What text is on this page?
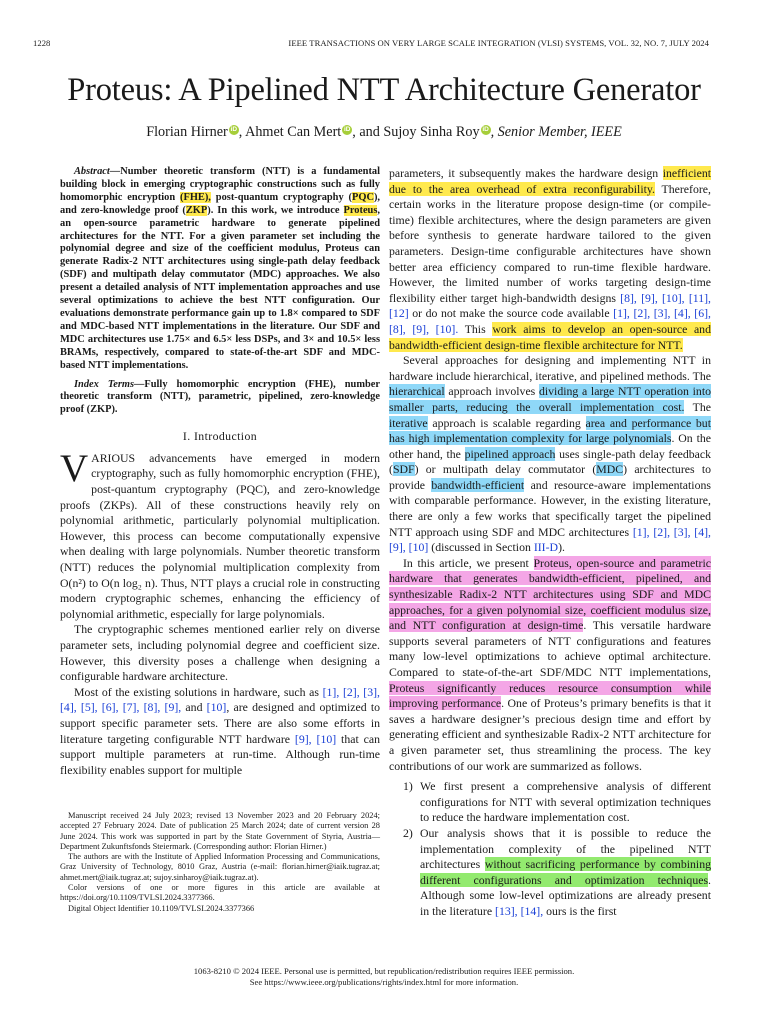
1228	IEEE TRANSACTIONS ON VERY LARGE SCALE INTEGRATION (VLSI) SYSTEMS, VOL. 32, NO. 7, JULY 2024
Proteus: A Pipelined NTT Architecture Generator
Florian Hirner iD , Ahmet Can Mert iD , and Sujoy Sinha Roy iD , Senior Member, IEEE

Abstract—Number theoretic transform (NTT) is a fundamental building block in emerging cryptographic constructions such as fully homomorphic encryption (FHE), post-quantum cryptography (PQC), and zero-knowledge proof (ZKP). In this work, we introduce Proteus, an open-source parametric hardware to generate pipelined architectures for the NTT. For a given parameter set including the polynomial degree and size of the coefficient modulus, Proteus can generate Radix-2 NTT architectures using single-path delay feedback (SDF) and multipath delay commutator (MDC) approaches. We also present a detailed analysis of NTT implementation approaches and use several optimizations to achieve the best NTT configuration. Our evaluations demonstrate performance gain up to 1.8× compared to SDF and MDC-based NTT implementations in the literature. Our SDF and MDC architectures use 1.75× and 6.5× less DSPs, and 3× and 10.5× less BRAMs, respectively, compared to state-of-the-art SDF and MDC-based NTT implementations.

Index Terms—Fully homomorphic encryption (FHE), number theoretic transform (NTT), parametric, pipelined, zero-knowledge proof (ZKP).

I. Introduction

VARIOUS advancements have emerged in modern cryptography, such as fully homomorphic encryption (FHE), post-quantum cryptography (PQC), and zero-knowledge proofs (ZKPs). All of these constructions heavily rely on polynomial arithmetic, particularly polynomial multiplication. However, this process can become computationally expensive when dealing with large polynomials. Number theoretic transform (NTT) reduces the polynomial multiplication complexity from O(n²) to O(n log₂ n). Thus, NTT plays a crucial role in constructing modern cryptographic schemes, enhancing the efficiency of polynomial arithmetic, especially for large polynomials.

The cryptographic schemes mentioned earlier rely on diverse parameter sets, including polynomial degree and coefficient size. However, this diversity poses a challenge when designing a configurable hardware architecture.

Most of the existing solutions in hardware, such as [1], [2], [3], [4], [5], [6], [7], [8], [9], and [10], are designed and optimized to support specific parameter sets. There are also some efforts in literature targeting configurable NTT hardware [9], [10] that can support multiple parameters at run-time. Although run-time flexibility enables support for multiple

Manuscript received 24 July 2023; revised 13 November 2023 and 20 February 2024; accepted 27 February 2024. Date of publication 25 March 2024; date of current version 28 June 2024. This work was supported in part by the State Government of Styria, Austria—Department Zukunftsfonds Steiermark. (Corresponding author: Florian Hirner.)

The authors are with the Institute of Applied Information Processing and Communications, Graz University of Technology, 8010 Graz, Austria (e-mail: florian.hirner@iaik.tugraz.at; ahmet.mert@iaik.tugraz.at; sujoy.sinharoy@iaik.tugraz.at).

Color versions of one or more figures in this article are available at https://doi.org/10.1109/TVLSI.2024.3377366.

Digital Object Identifier 10.1109/TVLSI.2024.3377366

parameters, it subsequently makes the hardware design inefficient due to the area overhead of extra reconfigurability. Therefore, certain works in the literature propose design-time (or compile-time) flexible architectures, where the design parameters are given before synthesis to generate hardware tailored to the given parameters. Design-time configurable architectures have shown better area efficiency compared to run-time flexible hardware. However, the limited number of works targeting design-time flexibility either target high-bandwidth designs [8], [9], [10], [11], [12] or do not make the source code available [1], [2], [3], [4], [6], [8], [9], [10]. This work aims to develop an open-source and bandwidth-efficient design-time flexible architecture for NTT.

Several approaches for designing and implementing NTT in hardware include hierarchical, iterative, and pipelined methods. The hierarchical approach involves dividing a large NTT operation into smaller parts, reducing the overall implementation cost. The iterative approach is scalable regarding area and performance but has high implementation complexity for large polynomials. On the other hand, the pipelined approach uses single-path delay feedback (SDF) or multipath delay commutator (MDC) architectures to provide bandwidth-efficient and resource-aware implementations with comparable performance. However, in the existing literature, there are only a few works that specifically target the pipelined NTT approach using SDF and MDC architectures [1], [2], [3], [4], [9], [10] (discussed in Section III-D).

In this article, we present Proteus, open-source and parametric hardware that generates bandwidth-efficient, pipelined, and synthesizable Radix-2 NTT architectures using SDF and MDC approaches, for a given polynomial size, coefficient modulus size, and NTT configuration at design-time. This versatile hardware supports several parameters of NTT configurations and features many low-level optimizations to achieve optimal architecture. Compared to state-of-the-art SDF/MDC NTT implementations, Proteus significantly reduces resource consumption while improving performance. One of Proteus’s primary benefits is that it saves a hardware designer’s precious design time and effort by generating efficient and synthesizable Radix-2 NTT architecture for a given parameter set, thus streamlining the process. The key contributions of our work are summarized as follows.

1) We first present a comprehensive analysis of different configurations for NTT with several optimization techniques to reduce the hardware implementation cost.
2) Our analysis shows that it is possible to reduce the implementation complexity of the pipelined NTT architectures without sacrificing performance by combining different configurations and optimization techniques. Although some low-level optimizations are already present in the literature [13], [14], ours is the first
1063-8210 © 2024 IEEE. Personal use is permitted, but republication/redistribution requires IEEE permission.
See https://www.ieee.org/publications/rights/index.html for more information.
